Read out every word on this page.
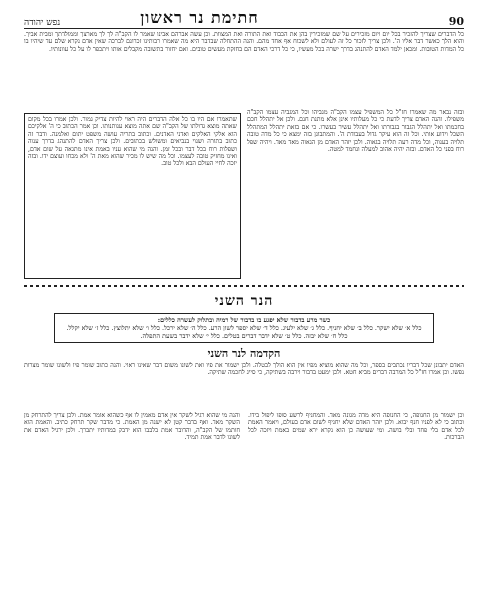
90
חתימת נר ראשון
נפש יהודה

כל הדברים שצריך להזכיר בכל יום ויום מזכירים על שם שמזכירין בהן את הכבוד ואת התורה ואת המצוות. וכן עשה אברהם אבינו שאמר לו הקב"ה לך לך מארצך וממולדתך ומבית אביך. והוא הלך כאשר דבר אליו ה'. ולכן צריך לזכור כל זה לעולם ולא לשכוח אף אחד מהם. והנה ההתחלה שבדבר היא מה שאמרו רבותינו זכרונם לברכה שאין אדם נקרא שלם עד שיהיו בו כל המדות הטובות. ומכאן ילמד האדם להתנהג בדרך ישרה בכל מעשיו, כי כל דרכי האדם הם בחזקת מעשים טובים. ואם יחזור בתשובה מקבלים אותו ויתכפר לו על כל עוונותיו.

ובזה נבאר מה שאמרו חז"ל כל המשפיל עצמו הקב"ה מגביהו וכל המגביה עצמו הקב"ה משפילו. והנה האדם צריך לדעת כי כל מעלותיו אינן אלא מתנת חנם. ולכן אל יתהלל חכם בחכמתו ואל יתהלל הגבור בגבורתו ואל יתהלל עשיר בעשרו. כי אם בזאת יתהלל המתהלל השכל וידוע אותי. וכל זה הוא עיקר גדול בעבודת ה'. והמתבונן בזה ימצא כי כל מדה טובה תלויה בענוה, וכל מדה רעה תלויה בגאוה. ולכן יזהר האדם מן הגאוה מאד מאד. ויהיה שפל רוח בפני כל האדם. ובזה יהיה אהוב למעלה ונחמד למטה.

שתאמרו אם היו בו כל אלה הדברים היה ראוי להיות צדיק גמור. ולכן אמרו בכל מקום שאתה מוצא גדולתו של הקב"ה שם אתה מוצא ענותנותו. וכן אמר הכתוב כי ה' אלקיכם הוא אלקי האלקים ואדני האדנים. וכתוב בתריה עושה משפט יתום ואלמנה. ודבר זה כתוב בתורה ושנוי בנביאים ומשולש בכתובים. ולכן צריך האדם להתנהג בדרך ענוה ושפלות רוח בכל דבר ובכל זמן. והנה מי שהוא עניו באמת אינו מתגאה על שום אדם, ואינו מחזיק טובה לעצמו. וכל מה שיש לו מכיר שהוא מאת ה' ולא מכחו ועוצם ידו. ובזה יזכה לחיי העולם הבא ולכל טוב.

הנר השני
כשר מרע בדבור שלא יפגע בו בדבור של רמיה ובתלוק לעשרה כללים:
כלל א׳ שלא ישקר. כלל ב׳ שלא יחניף. כלל ג׳ שלא ילעיג. כלל ד׳ שלא יספר לשון הרע. כלל ה׳ שלא ירכל. כלל ו׳ שלא יתלוצץ. כלל ז׳ שלא יקלל. כלל ח׳ שלא יבזה. כלל ט׳ שלא ידבר דברים בטלים. כלל י׳ שלא ידבר בשעת התפלה.
הקדמה לנר השני

האדם יתבונן שכל דבריו נכתבים בספר, וכל מה שהוא מוציא מפיו אין הוא הולך לבטלה. ולכן ישמור את פיו ואת לשונו משום דבר שאינו ראוי. והנה כתוב שומר פיו ולשונו שומר מצרות נפשו. וכן אמרו חז"ל כל המרבה דברים מביא חטא. ולכן ימעט בדבור וירבה בשתיקה, כי סייג לחכמה שתיקה.

וכן ישמור מן החנופה, כי החנופה היא מדה מגונה מאד. והמחניף לרשע סופו ליפול בידו. וכתוב כי לא לפניו חנף יבוא. ולכן יזהר האדם שלא יחניף לשום אדם בעולם, ויאמר האמת לכל אדם בלי פחד ובלי בושה. ומי שעושה כן הוא נקרא ירא שמים באמת ויזכה לכל הברכות.

והנה מי שהוא רגיל לשקר אין אדם מאמין לו אף כשהוא אומר אמת. ולכן צריך להתרחק מן השקר מאד. ואף בדבר קטן לא ישנה מן האמת. כי מדבר שקר תרחק כתיב. והאמת הוא חותמו של הקב"ה, והדובר אמת בלבבו הוא ידבק במדותיו יתברך. ולכן ירגיל האדם את לשונו לדבר אמת תמיד.
